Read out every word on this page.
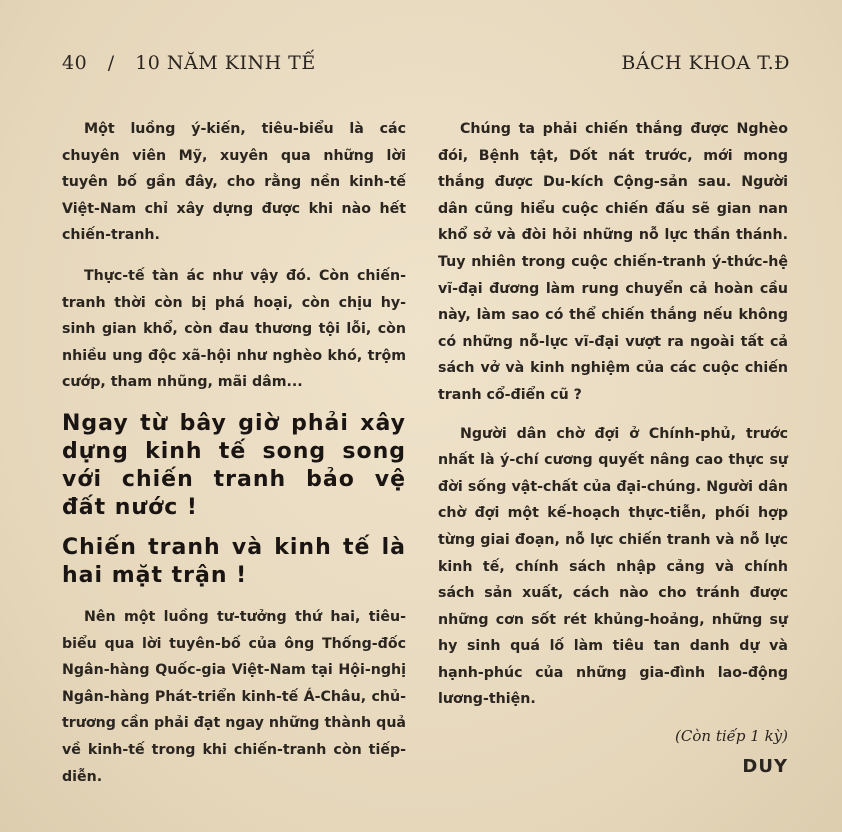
40 / 10 NĂM KINH TẾ	BÁCH KHOA T.Đ

Một luồng ý-kiến, tiêu-biểu là các chuyên viên Mỹ, xuyên qua những lời tuyên bố gần đây, cho rằng nền kinh-tế Việt-Nam chỉ xây dựng được khi nào hết chiến-tranh.

Thực-tế tàn ác như vậy đó. Còn chiến-tranh thời còn bị phá hoại, còn chịu hy-sinh gian khổ, còn đau thương tội lỗi, còn nhiều ung độc xã-hội như nghèo khó, trộm cướp, tham nhũng, mãi dâm...

Ngay từ bây giờ phải xây dựng kinh tế song song với chiến tranh bảo vệ đất nước !
Chiến tranh và kinh tế là hai mặt trận !

Nên một luồng tư-tưởng thứ hai, tiêu-biểu qua lời tuyên-bố của ông Thống-đốc Ngân-hàng Quốc-gia Việt-Nam tại Hội-nghị Ngân-hàng Phát-triển kinh-tế Á-Châu, chủ-trương cần phải đạt ngay những thành quả về kinh-tế trong khi chiến-tranh còn tiếp-diễn.

Chúng ta phải chiến thắng được Nghèo đói, Bệnh tật, Dốt nát trước, mới mong thắng được Du-kích Cộng-sản sau. Người dân cũng hiểu cuộc chiến đấu sẽ gian nan khổ sở và đòi hỏi những nỗ lực thần thánh. Tuy nhiên trong cuộc chiến-tranh ý-thức-hệ vĩ-đại đương làm rung chuyển cả hoàn cầu này, làm sao có thể chiến thắng nếu không có những nỗ-lực vĩ-đại vượt ra ngoài tất cả sách vở và kinh nghiệm của các cuộc chiến tranh cổ-điển cũ ?

Người dân chờ đợi ở Chính-phủ, trước nhất là ý-chí cương quyết nâng cao thực sự đời sống vật-chất của đại-chúng. Người dân chờ đợi một kế-hoạch thực-tiễn, phối hợp từng giai đoạn, nỗ lực chiến tranh và nỗ lực kinh tế, chính sách nhập cảng và chính sách sản xuất, cách nào cho tránh được những cơn sốt rét khủng-hoảng, những sự hy sinh quá lố làm tiêu tan danh dự và hạnh-phúc của những gia-đình lao-động lương-thiện.

(Còn tiếp 1 kỳ)
DUY
